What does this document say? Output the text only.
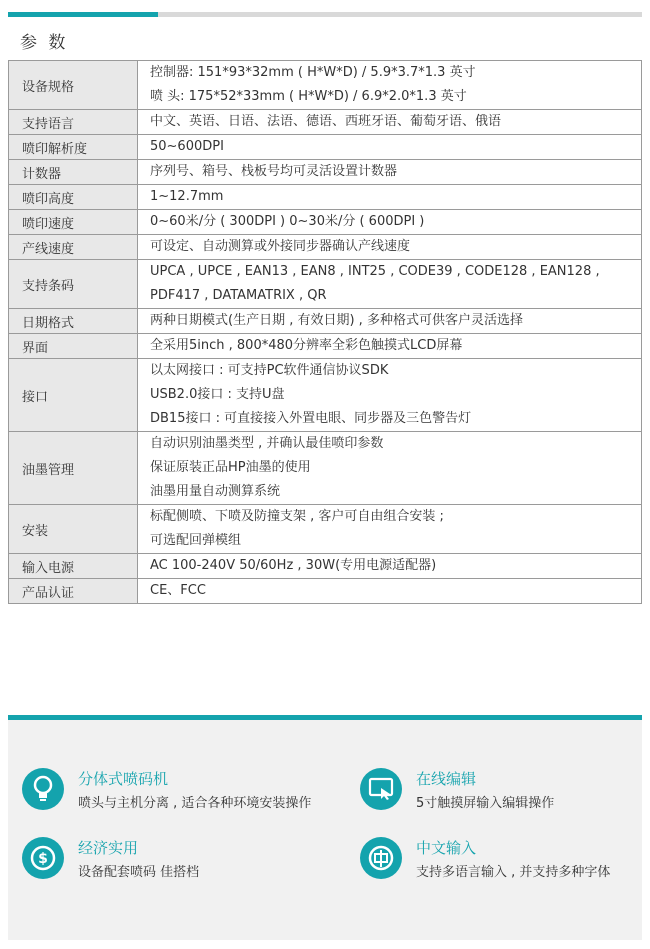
参 数
设备规格	控制器: 151*93*32mm ( H*W*D) / 5.9*3.7*1.3 英寸
喷 头: 175*52*33mm ( H*W*D) / 6.9*2.0*1.3 英寸

支持语言	中文、英语、日语、法语、德语、西班牙语、葡萄牙语、俄语

喷印解析度	50~600DPI

计数器	序列号、箱号、栈板号均可灵活设置计数器

喷印高度	1~12.7mm

喷印速度	0~60米/分 ( 300DPI ) 0~30米/分 ( 600DPI )

产线速度	可设定、自动测算或外接同步器确认产线速度

支持条码	UPCA , UPCE , EAN13 , EAN8 , INT25 , CODE39 , CODE128 , EAN128 ,
PDF417 , DATAMATRIX , QR

日期格式	两种日期模式(生产日期 , 有效日期) , 多种格式可供客户灵活选择

界面	全采用5inch , 800*480分辨率全彩色触摸式LCD屏幕

接口	以太网接口 : 可支持PC软件通信协议SDK
USB2.0接口 : 支持U盘
DB15接口 : 可直接接入外置电眼、同步器及三色警告灯

油墨管理	自动识别油墨类型 , 并确认最佳喷印参数
保证原装正品HP油墨的使用
油墨用量自动测算系统

安装	标配侧喷、下喷及防撞支架 , 客户可自由组合安装 ;
可选配回弹模组

输入电源	AC 100-240V 50/60Hz , 30W(专用电源适配器)

产品认证	CE、FCC
分体式喷码机
喷头与主机分离 , 适合各种环境安装操作
在线编辑
5寸触摸屏输入编辑操作
$
经济实用
设备配套喷码 佳搭档
中文输入
支持多语言输入 , 并支持多种字体
